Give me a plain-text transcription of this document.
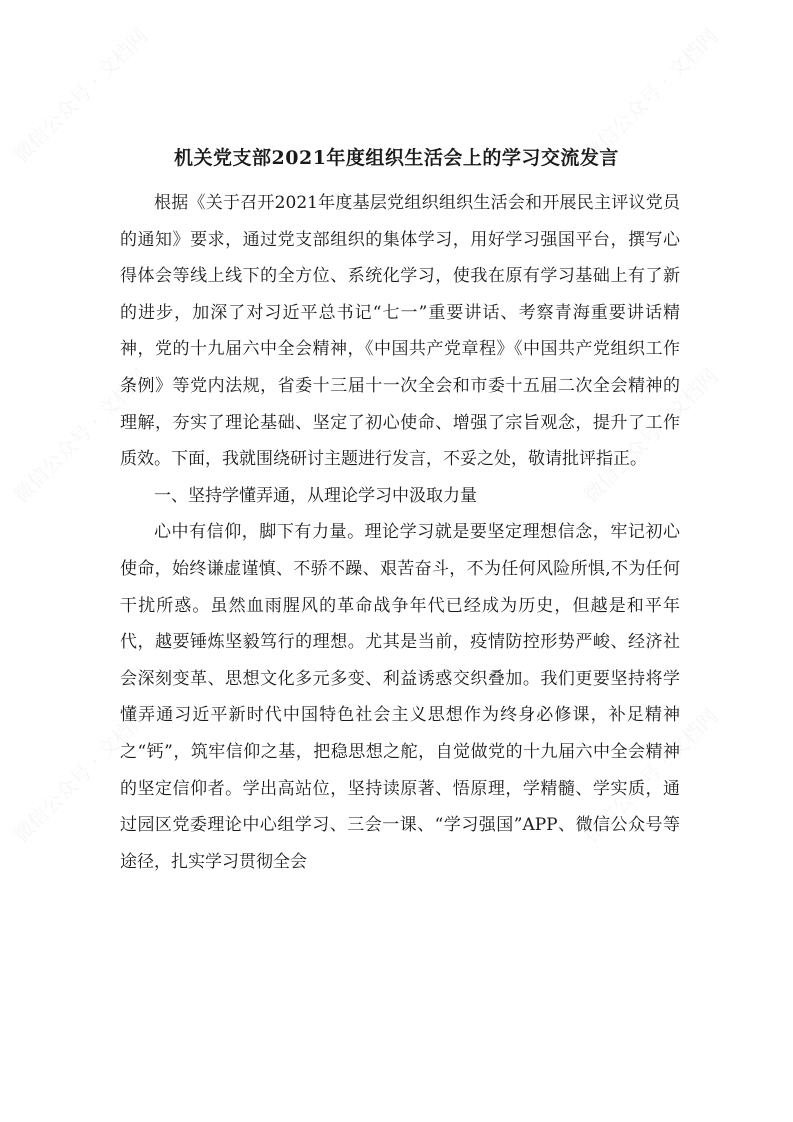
微信公众号 · 文档网	微信公众号 · 文档网
微信公众号 · 文档网	微信公众号 · 文档网
微信公众号 · 文档网	微信公众号 · 文档网
机关党支部2021年度组织生活会上的学习交流发言

根据《关于召开2021年度基层党组织组织生活会和开展民主评议党员的通知》要求，通过党支部组织的集体学习，用好学习强国平台，撰写心得体会等线上线下的全方位、系统化学习，使我在原有学习基础上有了新的进步，加深了对习近平总书记“七一”重要讲话、考察青海重要讲话精神，党的十九届六中全会精神，《中国共产党章程》《中国共产党组织工作条例》等党内法规，省委十三届十一次全会和市委十五届二次全会精神的理解，夯实了理论基础、坚定了初心使命、增强了宗旨观念，提升了工作质效。下面，我就围绕研讨主题进行发言，不妥之处，敬请批评指正。

一、坚持学懂弄通，从理论学习中汲取力量

心中有信仰，脚下有力量。理论学习就是要坚定理想信念，牢记初心使命，始终谦虚谨慎、不骄不躁、艰苦奋斗，不为任何风险所惧,不为任何干扰所惑。虽然血雨腥风的革命战争年代已经成为历史，但越是和平年代，越要锤炼坚毅笃行的理想。尤其是当前，疫情防控形势严峻、经济社会深刻变革、思想文化多元多变、利益诱惑交织叠加。我们更要坚持将学懂弄通习近平新时代中国特色社会主义思想作为终身必修课，补足精神之“钙”，筑牢信仰之基，把稳思想之舵，自觉做党的十九届六中全会精神的坚定信仰者。学出高站位，坚持读原著、悟原理，学精髓、学实质，通过园区党委理论中心组学习、三会一课、“学习强国”APP、微信公众号等途径，扎实学习贯彻全会
